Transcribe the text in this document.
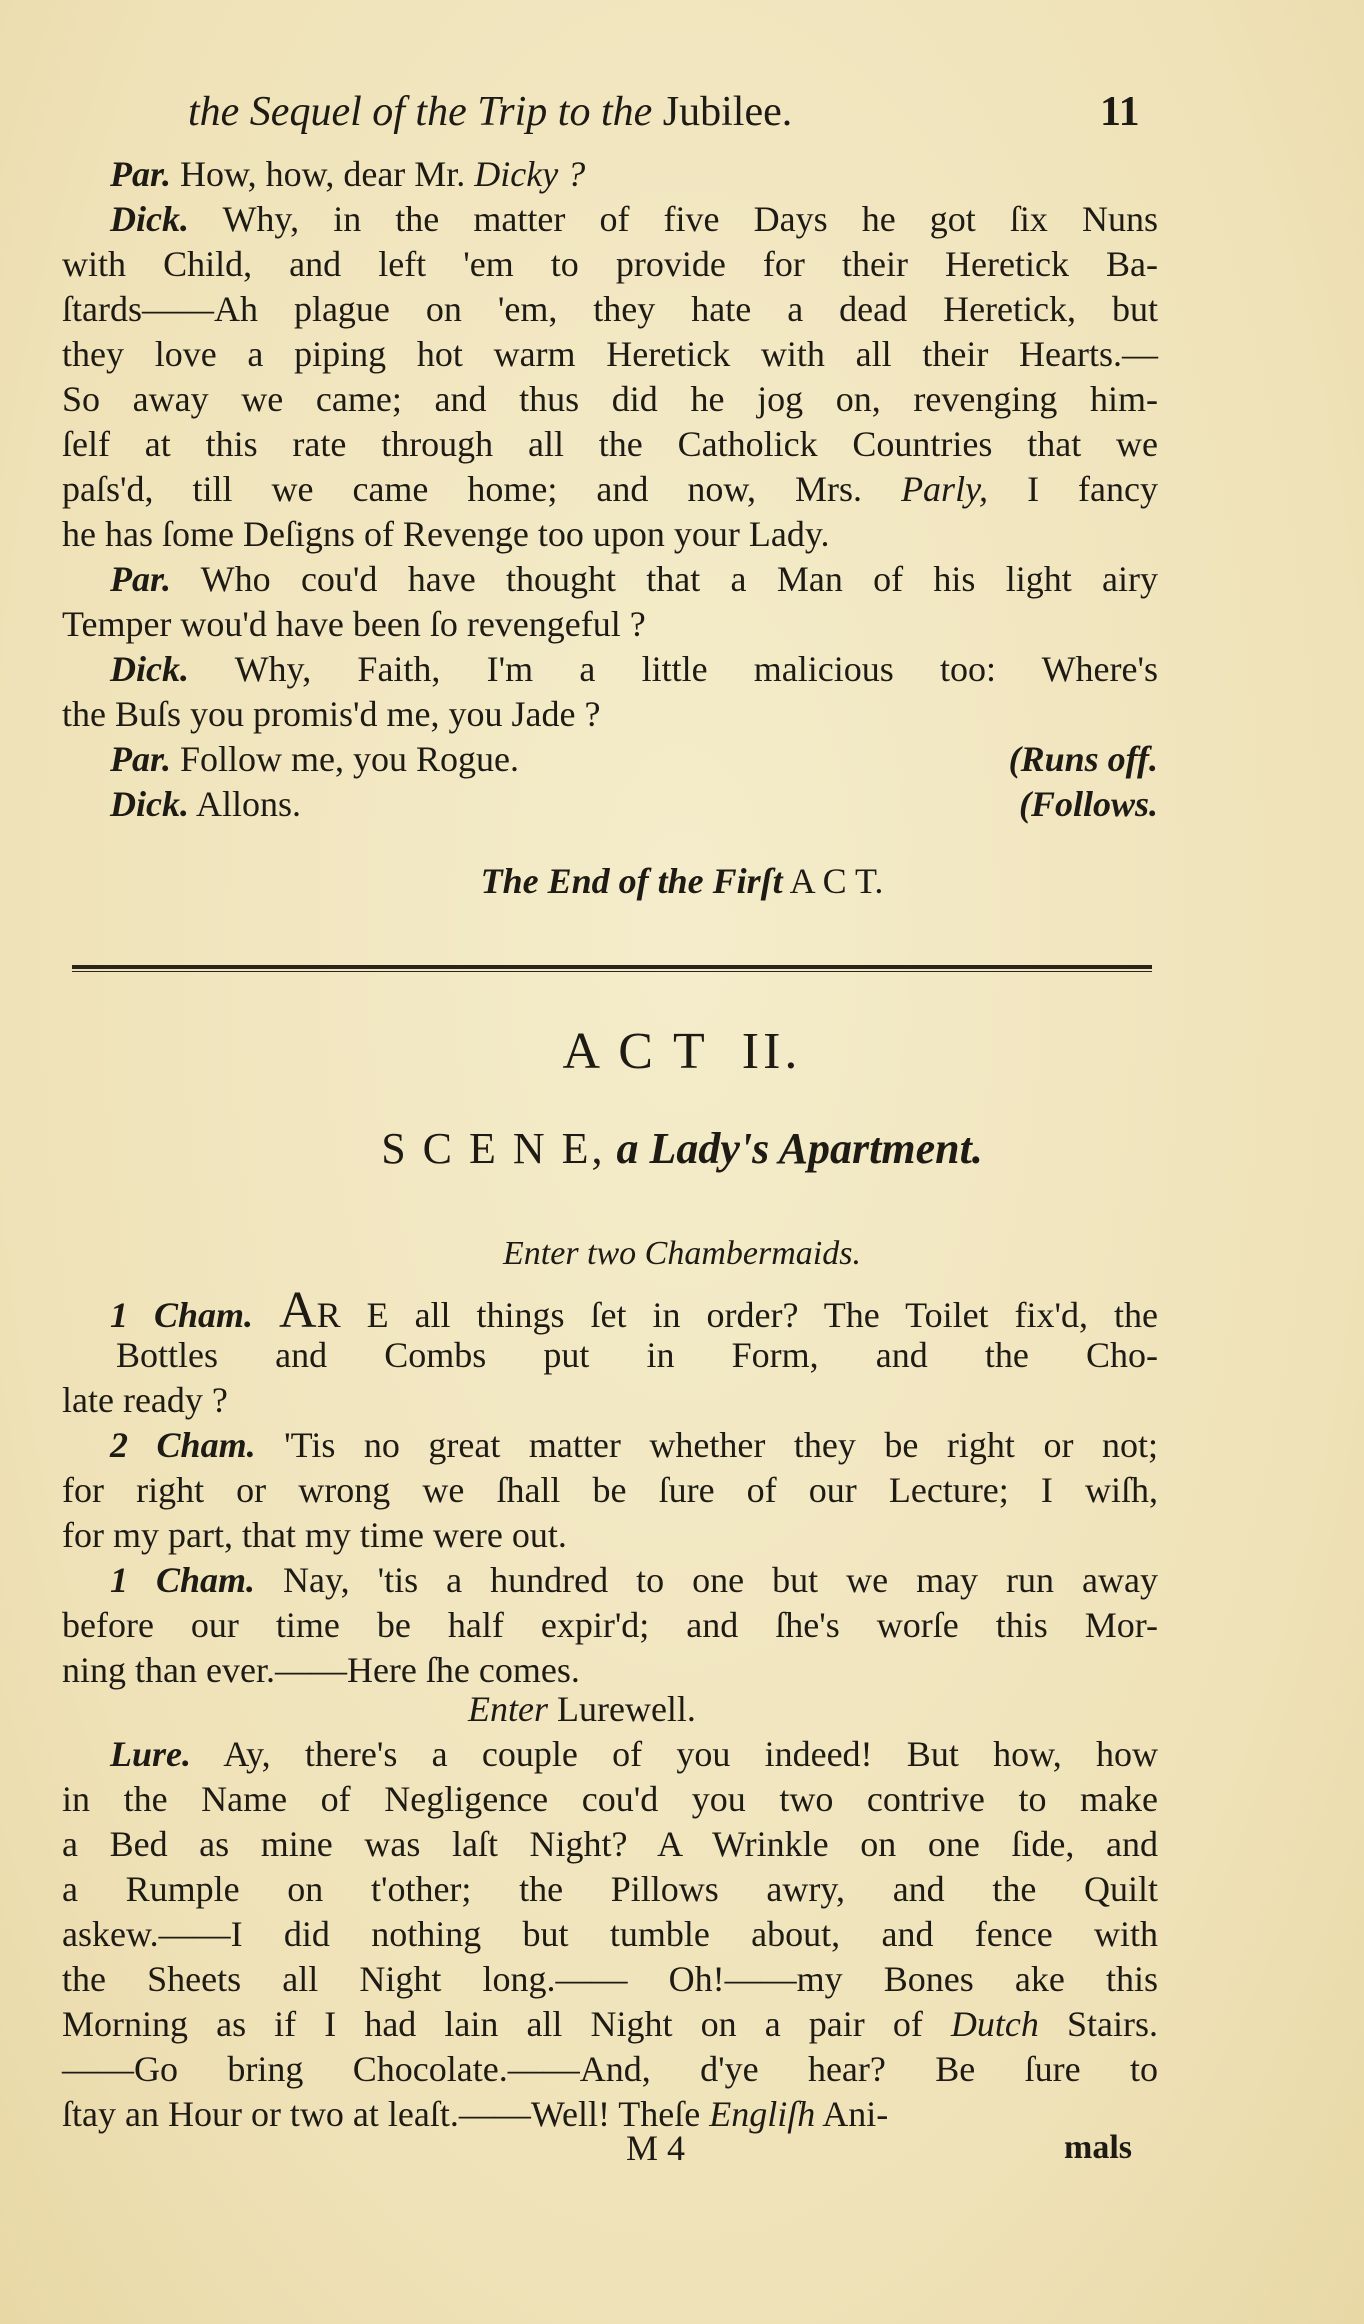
the Sequel of the Trip to the Jubilee.	11
Par. How, how, dear Mr. Dicky ?
Dick. Why, in the matter of five Days he got ſix Nuns
with Child, and left 'em to provide for their Heretick Ba-
ſtards——Ah plague on 'em, they hate a dead Heretick, but
they love a piping hot warm Heretick with all their Hearts.—
So away we came; and thus did he jog on, revenging him-
ſelf at this rate through all the Catholick Countries that we
paſs'd, till we came home; and now, Mrs. Parly, I fancy
he has ſome Deſigns of Revenge too upon your Lady.
Par. Who cou'd have thought that a Man of his light airy
Temper wou'd have been ſo revengeful ?
Dick. Why, Faith, I'm a little malicious too: Where's
the Buſs you promis'd me, you Jade ?
Par. Follow me, you Rogue.	(Runs off.
Dick. Allons.	(Follows.
The End of the Firſt A C T.
A C T  II.
S C E N E, a Lady's Apartment.
Enter two Chambermaids.
1 Cham. AR E all things ſet in order? The Toilet fix'd, the
Bottles and Combs put in Form, and the Cho-
late ready ?
2 Cham. 'Tis no great matter whether they be right or not;
for right or wrong we ſhall be ſure of our Lecture; I wiſh,
for my part, that my time were out.
1 Cham. Nay, 'tis a hundred to one but we may run away
before our time be half expir'd; and ſhe's worſe this Mor-
ning than ever.——Here ſhe comes.
Enter Lurewell.
Lure. Ay, there's a couple of you indeed! But how, how
in the Name of Negligence cou'd you two contrive to make
a Bed as mine was laſt Night? A Wrinkle on one ſide, and
a Rumple on t'other; the Pillows awry, and the Quilt
askew.——I did nothing but tumble about, and fence with
the Sheets all Night long.—— Oh!——my Bones ake this
Morning as if I had lain all Night on a pair of Dutch Stairs.
——Go bring Chocolate.——And, d'ye hear? Be ſure to
ſtay an Hour or two at leaſt.——Well! Theſe Engliſh Ani-
M 4	mals
